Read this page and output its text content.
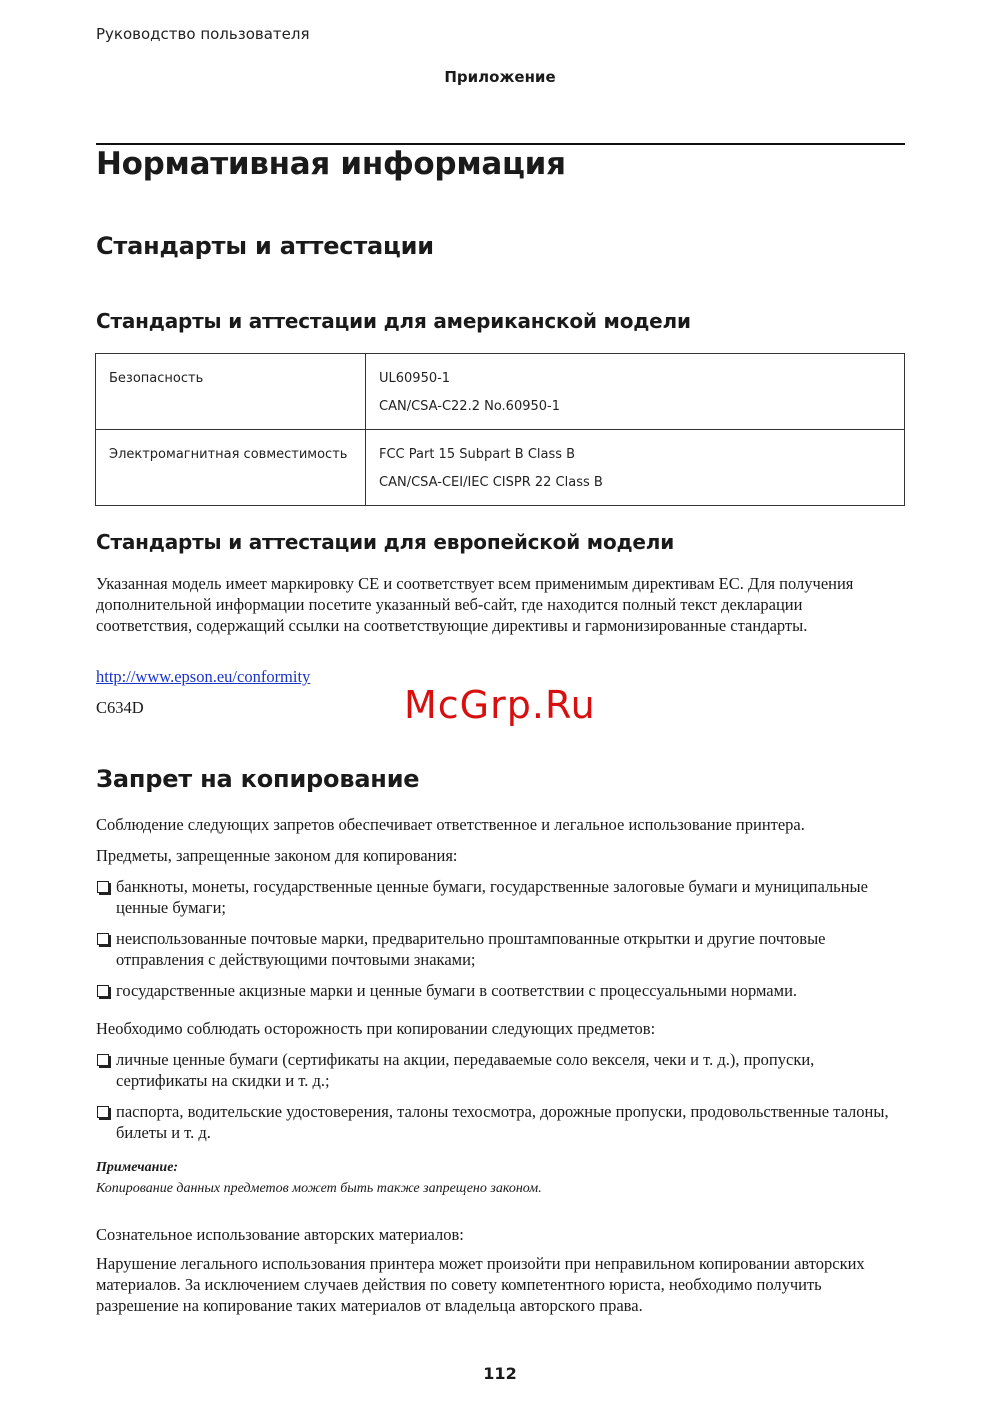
Руководство пользователя
Приложение
Нормативная информация
Стандарты и аттестации
Стандарты и аттестации для американской модели
Безопасность	UL60950-1
CAN/CSA-C22.2 No.60950-1

Электромагнитная совместимость	FCC Part 15 Subpart B Class B
CAN/CSA-CEI/IEC CISPR 22 Class B
Стандарты и аттестации для европейской модели
Указанная модель имеет маркировку CE и соответствует всем применимым директивам ЕС. Для получения дополнительной информации посетите указанный веб-сайт, где находится полный текст декларации соответствия, содержащий ссылки на соответствующие директивы и гармонизированные стандарты.
http://www.epson.eu/conformity
C634D	McGrp.Ru
Запрет на копирование
Соблюдение следующих запретов обеспечивает ответственное и легальное использование принтера.
Предметы, запрещенные законом для копирования:
банкноты, монеты, государственные ценные бумаги, государственные залоговые бумаги и муниципальные ценные бумаги;
неиспользованные почтовые марки, предварительно проштампованные открытки и другие почтовые отправления с действующими почтовыми знаками;
государственные акцизные марки и ценные бумаги в соответствии с процессуальными нормами.
Необходимо соблюдать осторожность при копировании следующих предметов:
личные ценные бумаги (сертификаты на акции, передаваемые соло векселя, чеки и т. д.), пропуски, сертификаты на скидки и т. д.;
паспорта, водительские удостоверения, талоны техосмотра, дорожные пропуски, продовольственные талоны, билеты и т. д.
Примечание:
Копирование данных предметов может быть также запрещено законом.
Сознательное использование авторских материалов:
Нарушение легального использования принтера может произойти при неправильном копировании авторских материалов. За исключением случаев действия по совету компетентного юриста, необходимо получить разрешение на копирование таких материалов от владельца авторского права.
112
